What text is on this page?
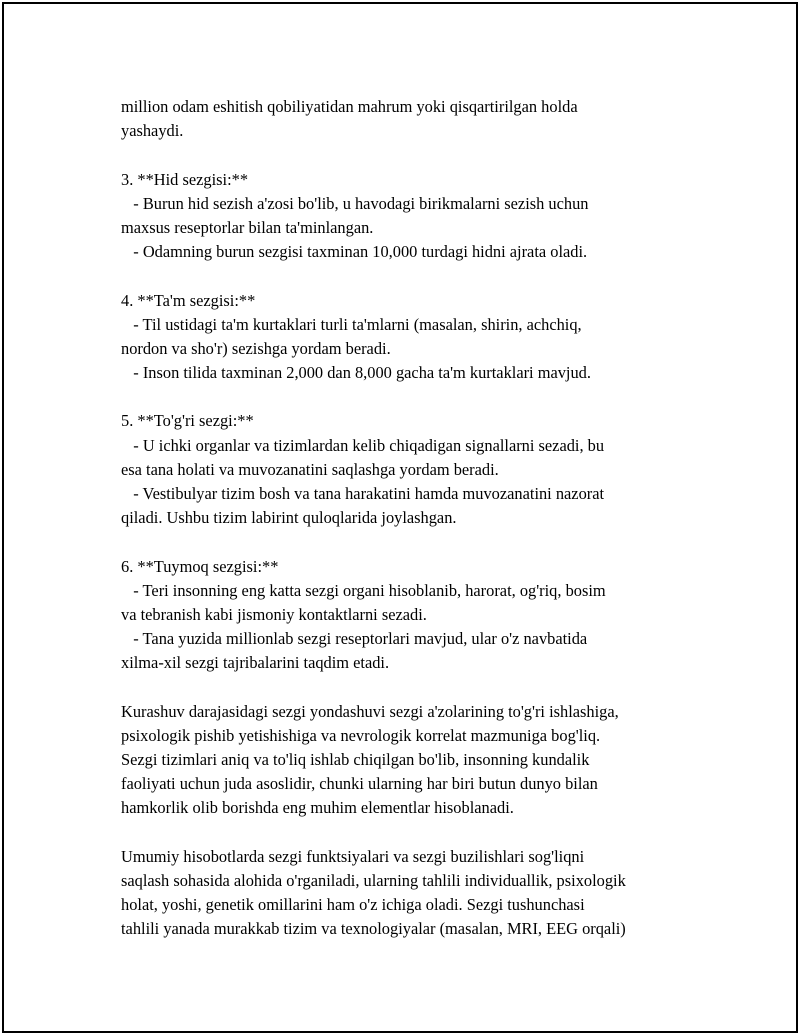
million odam eshitish qobiliyatidan mahrum yoki qisqartirilgan holda
yashaydi.
3. **Hid sezgisi:**
- Burun hid sezish a'zosi bo'lib, u havodagi birikmalarni sezish uchun
maxsus reseptorlar bilan ta'minlangan.
- Odamning burun sezgisi taxminan 10,000 turdagi hidni ajrata oladi.
4. **Ta'm sezgisi:**
- Til ustidagi ta'm kurtaklari turli ta'mlarni (masalan, shirin, achchiq,
nordon va sho'r) sezishga yordam beradi.
- Inson tilida taxminan 2,000 dan 8,000 gacha ta'm kurtaklari mavjud.
5. **To'g'ri sezgi:**
- U ichki organlar va tizimlardan kelib chiqadigan signallarni sezadi, bu
esa tana holati va muvozanatini saqlashga yordam beradi.
- Vestibulyar tizim bosh va tana harakatini hamda muvozanatini nazorat
qiladi. Ushbu tizim labirint quloqlarida joylashgan.
6. **Tuymoq sezgisi:**
- Teri insonning eng katta sezgi organi hisoblanib, harorat, og'riq, bosim
va tebranish kabi jismoniy kontaktlarni sezadi.
- Tana yuzida millionlab sezgi reseptorlari mavjud, ular o'z navbatida
xilma-xil sezgi tajribalarini taqdim etadi.
Kurashuv darajasidagi sezgi yondashuvi sezgi a'zolarining to'g'ri ishlashiga,
psixologik pishib yetishishiga va nevrologik korrelat mazmuniga bog'liq.
Sezgi tizimlari aniq va to'liq ishlab chiqilgan bo'lib, insonning kundalik
faoliyati uchun juda asoslidir, chunki ularning har biri butun dunyo bilan
hamkorlik olib borishda eng muhim elementlar hisoblanadi.
Umumiy hisobotlarda sezgi funktsiyalari va sezgi buzilishlari sog'liqni
saqlash sohasida alohida o'rganiladi, ularning tahlili individuallik, psixologik
holat, yoshi, genetik omillarini ham o'z ichiga oladi. Sezgi tushunchasi
tahlili yanada murakkab tizim va texnologiyalar (masalan, MRI, EEG orqali)
